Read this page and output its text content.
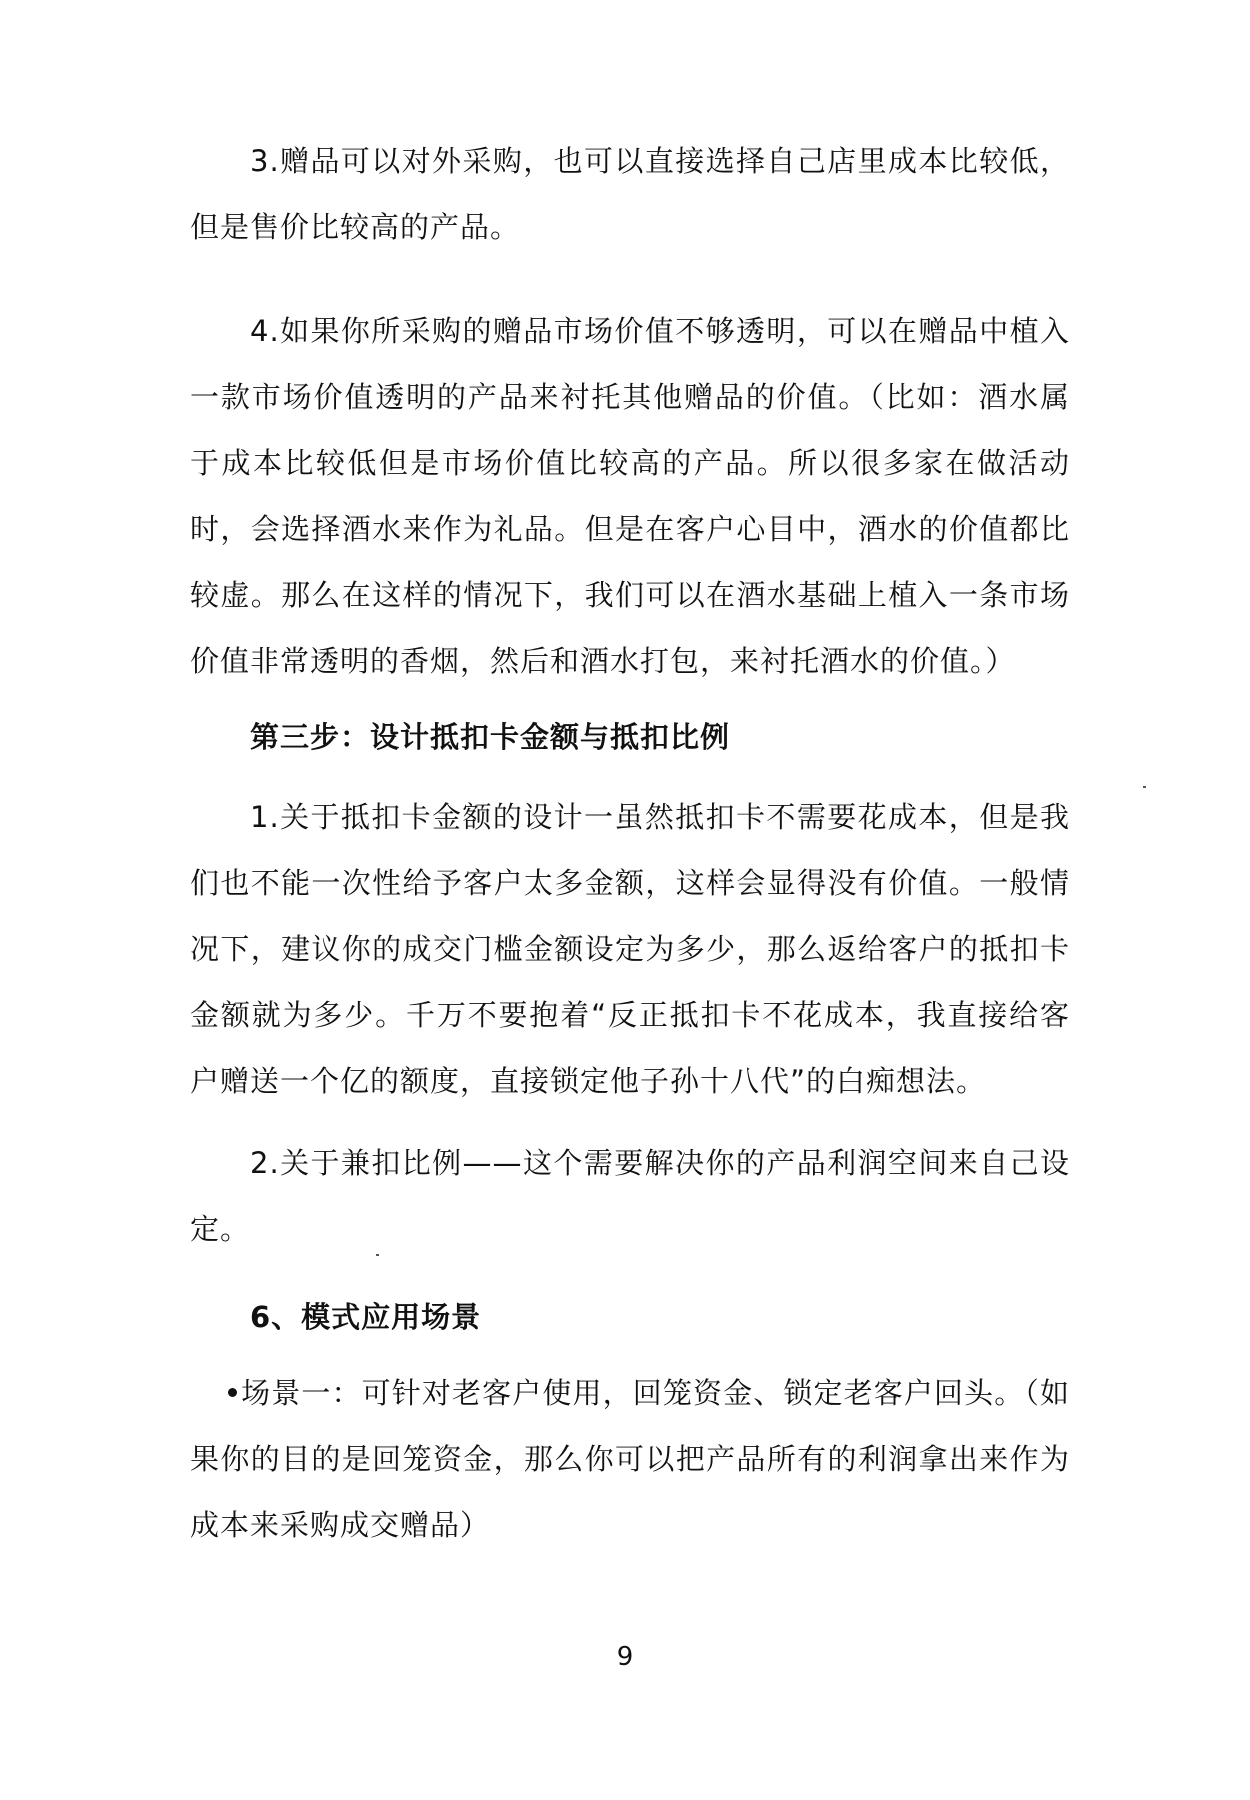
3.赠品可以对外采购，也可以直接选择自己店里成本比较低，但是售价比较高的产品。

4.如果你所采购的赠品市场价值不够透明，可以在赠品中植入一款市场价值透明的产品来衬托其他赠品的价值。（比如：酒水属于成本比较低但是市场价值比较高的产品。所以很多家在做活动时，会选择酒水来作为礼品。但是在客户心目中，酒水的价值都比较虚。那么在这样的情况下，我们可以在酒水基础上植入一条市场价值非常透明的香烟，然后和酒水打包，来衬托酒水的价值。）

第三步：设计抵扣卡金额与抵扣比例

1.关于抵扣卡金额的设计一虽然抵扣卡不需要花成本，但是我们也不能一次性给予客户太多金额，这样会显得没有价值。一般情况下，建议你的成交门槛金额设定为多少，那么返给客户的抵扣卡金额就为多少。千万不要抱着“反正抵扣卡不花成本，我直接给客户赠送一个亿的额度，直接锁定他子孙十八代”的白痴想法。

2.关于兼扣比例——这个需要解决你的产品利润空间来自己设定。

6、模式应用场景

场景一：可针对老客户使用，回笼资金、锁定老客户回头。（如果你的目的是回笼资金，那么你可以把产品所有的利润拿出来作为成本来采购成交赠品）

9
